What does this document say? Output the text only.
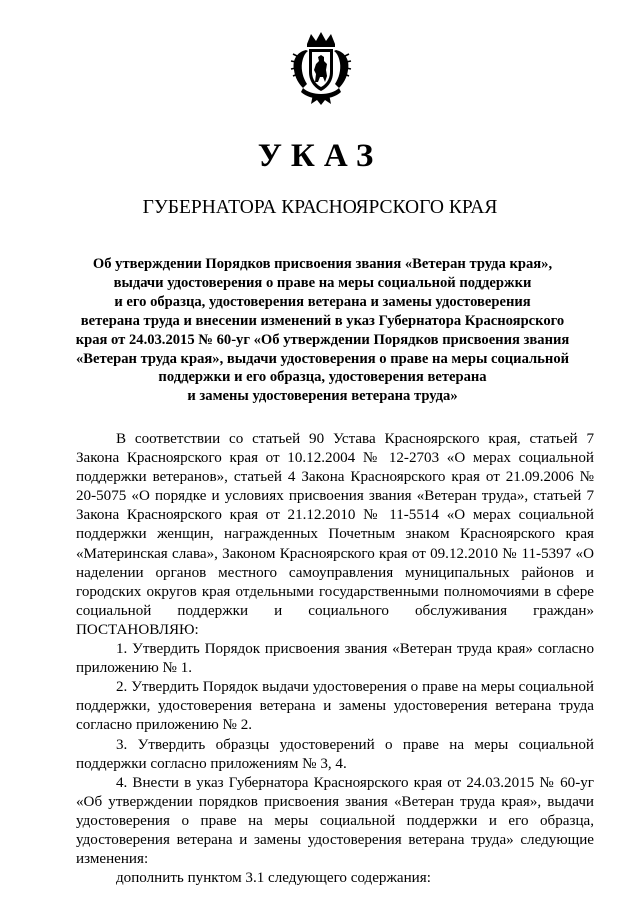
УКАЗ
ГУБЕРНАТОРА КРАСНОЯРСКОГО КРАЯ
Об утверждении Порядков присвоения звания «Ветеран труда края»,
выдачи удостоверения о праве на меры социальной поддержки
и его образца, удостоверения ветерана и замены удостоверения
ветерана труда и внесении изменений в указ Губернатора Красноярского
края от 24.03.2015 № 60-уг «Об утверждении Порядков присвоения звания
«Ветеран труда края», выдачи удостоверения о праве на меры социальной
поддержки и его образца, удостоверения ветерана
и замены удостоверения ветерана труда»

В соответствии со статьей 90 Устава Красноярского края, статьей 7 Закона Красноярского края от 10.12.2004 № 12-2703 «О мерах социальной поддержки ветеранов», статьей 4 Закона Красноярского края от 21.09.2006 № 20-5075 «О порядке и условиях присвоения звания «Ветеран труда», статьей 7 Закона Красноярского края от 21.12.2010 № 11-5514 «О мерах социальной поддержки женщин, награжденных Почетным знаком Красноярского края «Материнская слава», Законом Красноярского края от 09.12.2010 № 11-5397 «О наделении органов местного самоуправления муниципальных районов и городских округов края отдельными государственными полномочиями в сфере социальной поддержки и социального обслуживания граждан» ПОСТАНОВЛЯЮ:

1. Утвердить Порядок присвоения звания «Ветеран труда края» согласно приложению № 1.

2. Утвердить Порядок выдачи удостоверения о праве на меры социальной поддержки, удостоверения ветерана и замены удостоверения ветерана труда согласно приложению № 2.

3. Утвердить образцы удостоверений о праве на меры социальной поддержки согласно приложениям № 3, 4.

4. Внести в указ Губернатора Красноярского края от 24.03.2015 № 60-уг «Об утверждении порядков присвоения звания «Ветеран труда края», выдачи удостоверения о праве на меры социальной поддержки и его образца, удостоверения ветерана и замены удостоверения ветерана труда» следующие изменения:

дополнить пунктом 3.1 следующего содержания:
